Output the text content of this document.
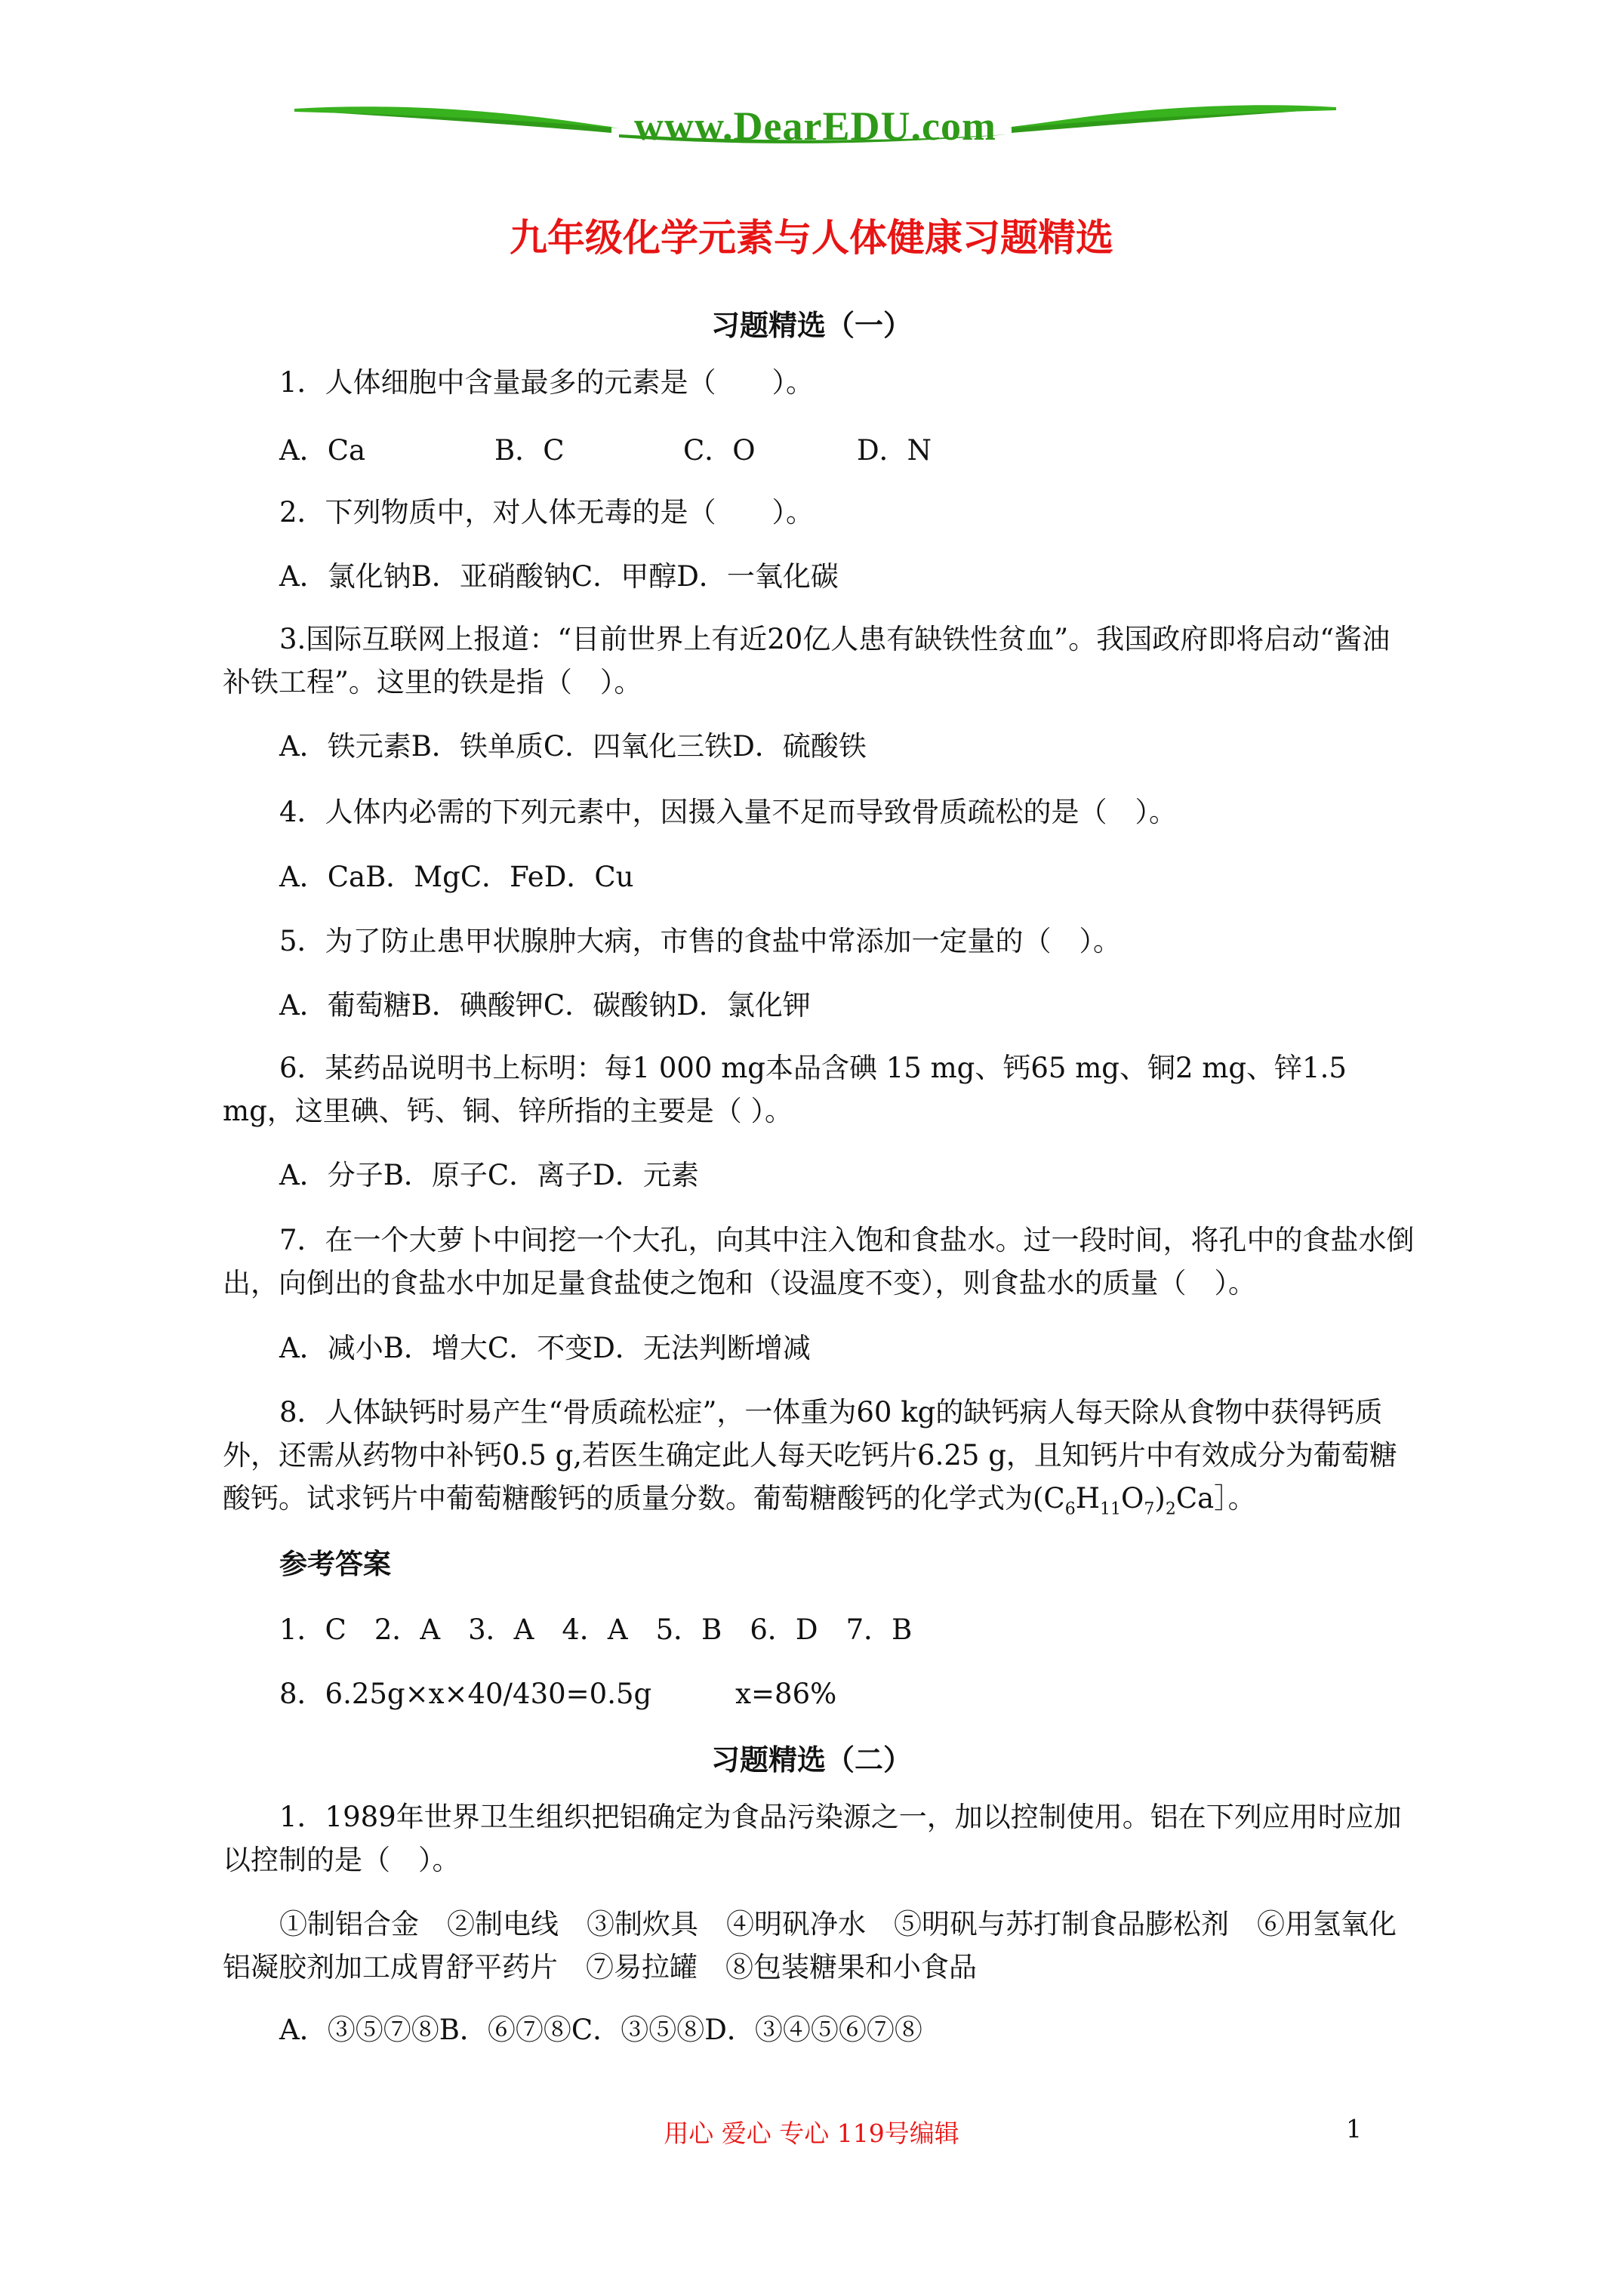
www.DearEDU.com
九年级化学元素与人体健康习题精选
习题精选（一）
1．人体细胞中含量最多的元素是（　　）。
A．Ca	B．C	C．O	D．N
2．下列物质中，对人体无毒的是（　　）。
A．氯化钠B．亚硝酸钠C．甲醇D．一氧化碳
3.国际互联网上报道：“目前世界上有近20亿人患有缺铁性贫血”。我国政府即将启动“酱油补铁工程”。这里的铁是指（　）。
A．铁元素B．铁单质C．四氧化三铁D．硫酸铁
4．人体内必需的下列元素中，因摄入量不足而导致骨质疏松的是（　）。
A．CaB．MgC．FeD．Cu
5．为了防止患甲状腺肿大病，市售的食盐中常添加一定量的（　）。
A．葡萄糖B．碘酸钾C．碳酸钠D．氯化钾
6．某药品说明书上标明：每1 000 mg本品含碘 15 mg、钙65 mg、铜2 mg、锌1.5 mg，这里碘、钙、铜、锌所指的主要是（ ）。
A．分子B．原子C．离子D．元素
7．在一个大萝卜中间挖一个大孔，向其中注入饱和食盐水。过一段时间，将孔中的食盐水倒出，向倒出的食盐水中加足量食盐使之饱和（设温度不变），则食盐水的质量（　）。
A．减小B．增大C．不变D．无法判断增减
8．人体缺钙时易产生“骨质疏松症”，一体重为60 kg的缺钙病人每天除从食物中获得钙质外，还需从药物中补钙0.5 g,若医生确定此人每天吃钙片6.25 g，且知钙片中有效成分为葡萄糖酸钙。试求钙片中葡萄糖酸钙的质量分数。葡萄糖酸钙的化学式为$(C_6H_{11}O_7)_2Ca]$。
参考答案
1．C　2．A　3．A　4．A　5．B　6．D　7．B
8．6.25g×x×40/430=0.5g　　　x=86%
习题精选（二）
1．1989年世界卫生组织把铝确定为食品污染源之一，加以控制使用。铝在下列应用时应加以控制的是（　）。
①制铝合金　②制电线　③制炊具　④明矾净水　⑤明矾与苏打制食品膨松剂　⑥用氢氧化铝凝胶剂加工成胃舒平药片　⑦易拉罐　⑧包装糖果和小食品
A．③⑤⑦⑧B．⑥⑦⑧C．③⑤⑧D．③④⑤⑥⑦⑧
用心 爱心 专心 119号编辑	1
